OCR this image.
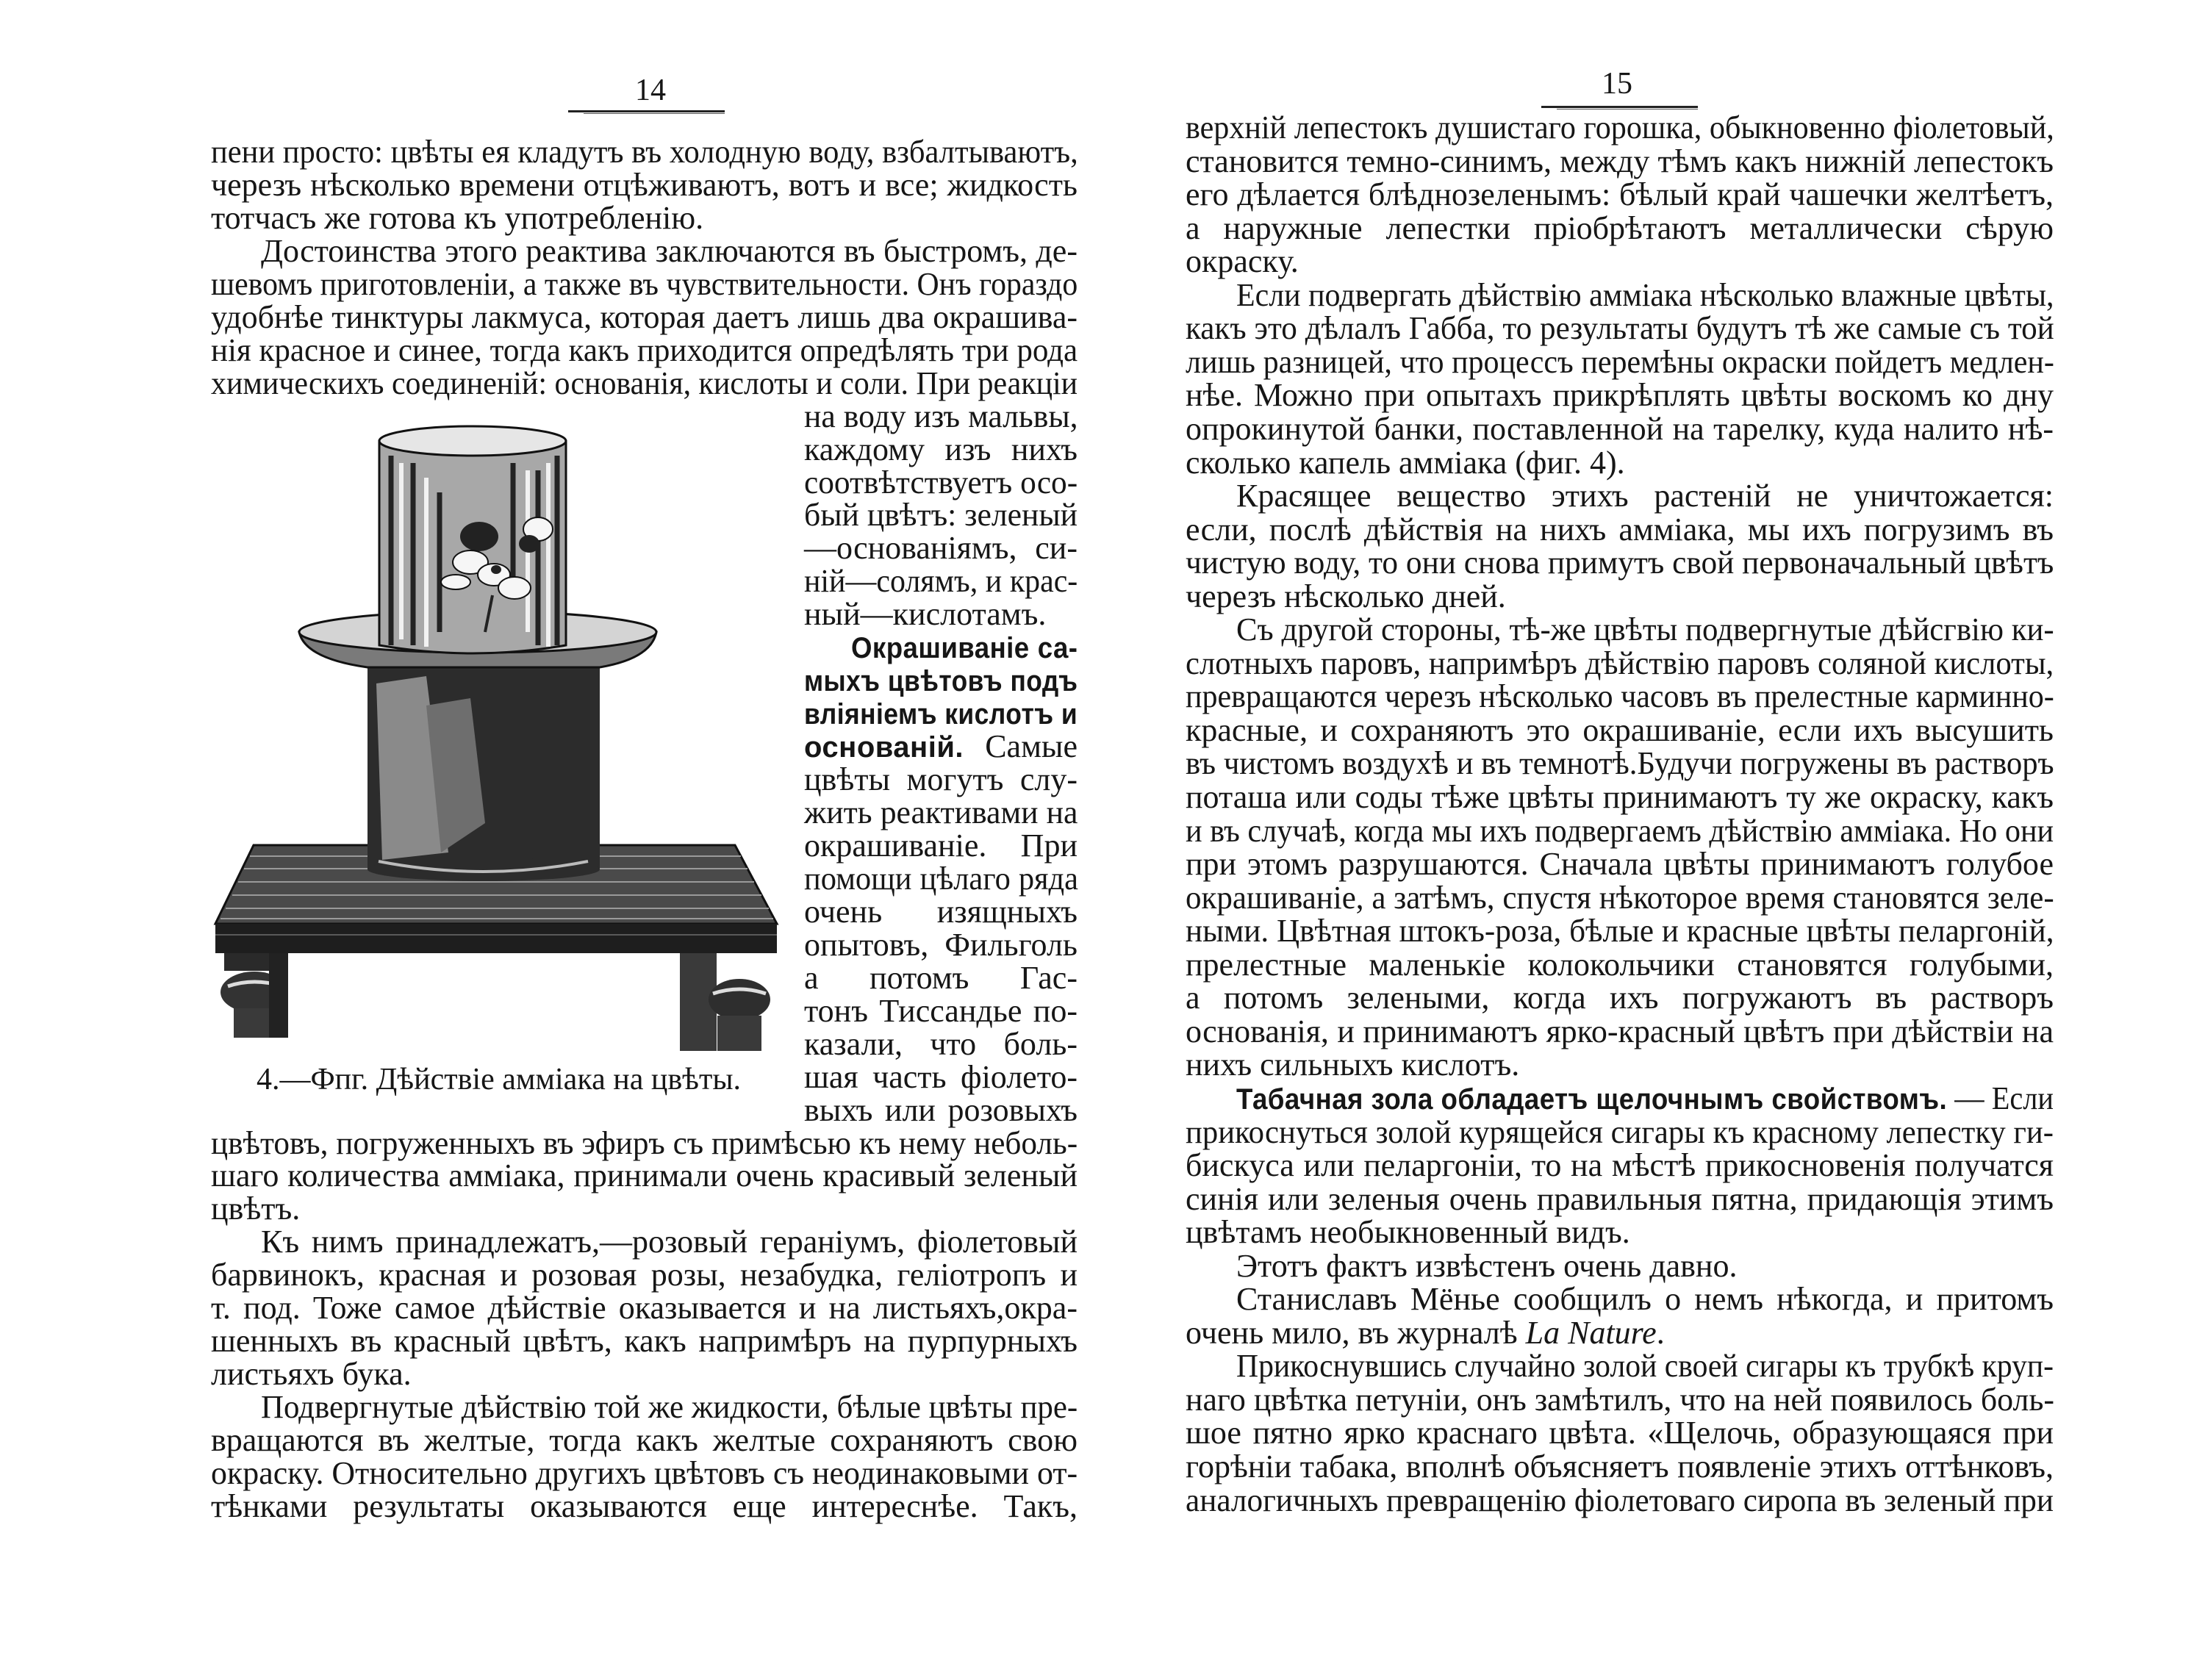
14
4.—Фпг. Дѣйствіе амміака на цвѣты.
пени просто: цвѣты ея кладутъ въ холодную воду, взбалтываютъ,
черезъ нѣсколько времени отцѣживаютъ, вотъ и все; жидкость
тотчасъ же готова къ употребленію.
Достоинства этого реактива заключаются въ быстромъ, де-
шевомъ приготовленіи, а также въ чувствительности. Онъ гораздо
удобнѣе тинктуры лакмуса, которая даетъ лишь два окрашива-
нія красное и синее, тогда какъ приходится опредѣлять три рода
химическихъ соединеній: основанія, кислоты и соли. При реакціи
на воду изъ мальвы,
каждому изъ нихъ
соотвѣтствуетъ осо-
бый цвѣтъ: зеленый
—основаніямъ, си-
ній—солямъ, и крас-
ный—кислотамъ.
Окрашиваніе са-
мыхъ цвѣтовъ подъ
вліяніемъ кислотъ и
основаній. Самые
цвѣты могутъ слу-
жить реактивами на
окрашиваніе. При
помощи цѣлаго ряда
очень изящныхъ
опытовъ, Фильголь
а потомъ Гас-
тонъ Тиссандье по-
казали, что боль-
шая часть фіолето-
выхъ или розовыхъ
цвѣтовъ, погруженныхъ въ эфиръ съ примѣсью къ нему неболь-
шаго количества амміака, принимали очень красивый зеленый
цвѣтъ.
Къ нимъ принадлежатъ,—розовый гераніумъ, фіолетовый
барвинокъ, красная и розовая розы, незабудка, геліотропъ и
т. под. Тоже самое дѣйствіе оказывается и на листьяхъ,окра-
шенныхъ въ красный цвѣтъ, какъ напримѣръ на пурпурныхъ
листьяхъ бука.
Подвергнутые дѣйствію той же жидкости, бѣлые цвѣты пре-
вращаются въ желтые, тогда какъ желтые сохраняютъ свою
окраску. Относительно другихъ цвѣтовъ съ неодинаковыми от-
тѣнками результаты оказываются еще интереснѣе. Такъ,
15
верхній лепестокъ душистаго горошка, обыкновенно фіолетовый,
становится темно-синимъ, между тѣмъ какъ нижній лепестокъ
его дѣлается блѣднозеленымъ: бѣлый край чашечки желтѣетъ,
а наружные лепестки пріобрѣтаютъ металлически сѣрую
окраску.
Если подвергать дѣйствію амміака нѣсколько влажные цвѣты,
какъ это дѣлалъ Габба, то результаты будутъ тѣ же самые съ той
лишь разницей, что процессъ перемѣны окраски пойдетъ медлен-
нѣе. Можно при опытахъ прикрѣплять цвѣты воскомъ ко дну
опрокинутой банки, поставленной на тарелку, куда налито нѣ-
сколько капель амміака (фиг. 4).
Красящее вещество этихъ растеній не уничтожается:
если, послѣ дѣйствія на нихъ амміака, мы ихъ погрузимъ въ
чистую воду, то они снова примутъ свой первоначальный цвѣтъ
черезъ нѣсколько дней.
Съ другой стороны, тѣ-же цвѣты подвергнутые дѣйсгвію ки-
слотныхъ паровъ, напримѣръ дѣйствію паровъ соляной кислоты,
превращаются черезъ нѣсколько часовъ въ прелестные карминно-
красные, и сохраняютъ это окрашиваніе, если ихъ высушить
въ чистомъ воздухѣ и въ темнотѣ.Будучи погружены въ растворъ
поташа или соды тѣже цвѣты принимаютъ ту же окраску, какъ
и въ случаѣ, когда мы ихъ подвергаемъ дѣйствію амміака. Но они
при этомъ разрушаются. Сначала цвѣты принимаютъ голубое
окрашиваніе, а затѣмъ, спустя нѣкоторое время становятся зеле-
ными. Цвѣтная штокъ-роза, бѣлые и красные цвѣты пеларгоній,
прелестные маленькіе колокольчики становятся голубыми,
а потомъ зелеными, когда ихъ погружаютъ въ растворъ
основанія, и принимаютъ ярко-красный цвѣтъ при дѣйствіи на
нихъ сильныхъ кислотъ.
Табачная зола обладаетъ щелочнымъ свойствомъ. — Если
прикоснуться золой курящейся сигары къ красному лепестку ги-
бискуса или пеларгоніи, то на мѣстѣ прикосновенія получатся
синія или зеленыя очень правильныя пятна, придающія этимъ
цвѣтамъ необыкновенный видъ.
Этотъ фактъ извѣстенъ очень давно.
Станиславъ Мёнье сообщилъ о немъ нѣкогда, и притомъ
очень мило, въ журналѣ La Nature.
Прикоснувшись случайно золой своей сигары къ трубкѣ круп-
наго цвѣтка петуніи, онъ замѣтилъ, что на ней появилось боль-
шое пятно ярко краснаго цвѣта. «Щелочь, образующаяся при
горѣніи табака, вполнѣ объясняетъ появленіе этихъ оттѣнковъ,
аналогичныхъ превращенію фіолетоваго сиропа въ зеленый при
